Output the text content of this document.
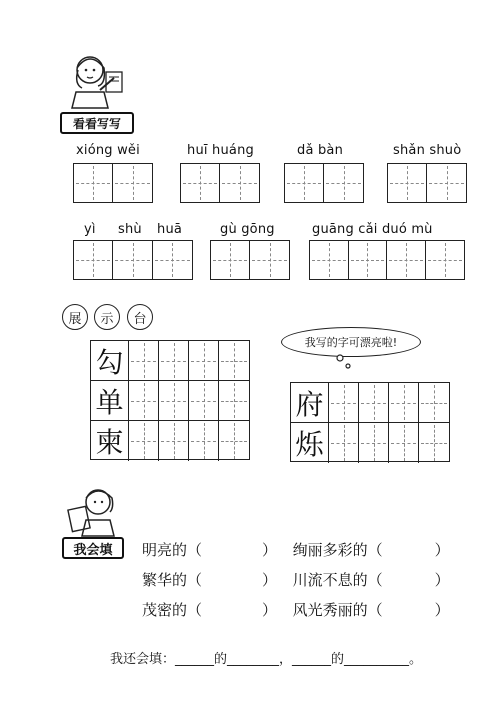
看看写写
xióng wěi	huī huáng	dǎ bàn	shǎn shuò
yì shù huā	gù gōng	guāng cǎi duó mù
展	示	台
我写的字可漂亮啦!
勾
单
柬
府
烁
我会填	明亮的（	） 绚丽多彩的（	）
繁华的（	） 川流不息的（	）
茂密的（	） 风光秀丽的（	）
我还会填：______的________，______的__________。
